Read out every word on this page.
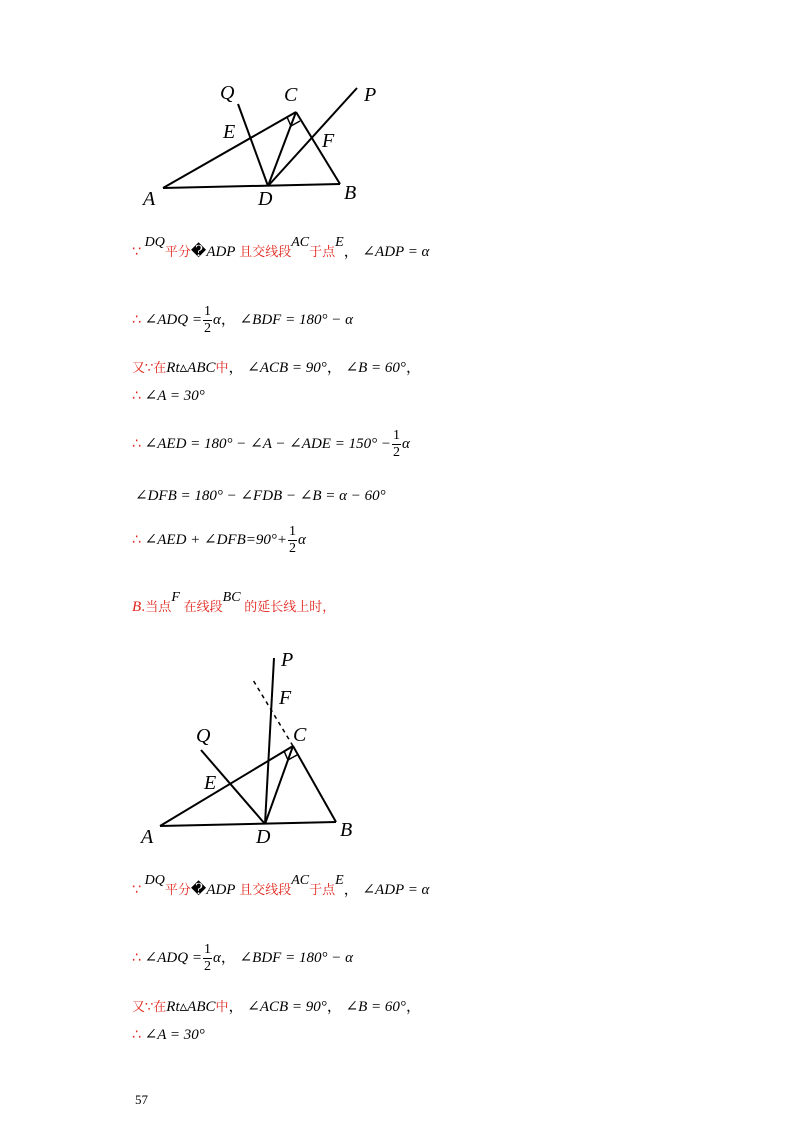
Q C	P
E	F
A	D	B
P
F
Q	C
E
A	D	B
∵ DQ平分�ADP 且交线段AC于点E， ∠ADP = α
∴ ∠ADQ = $\frac{1}{2}$ α， ∠BDF = 180° − α
又∵在Rt▵ABC中， ∠ACB = 90°， ∠B = 60°，
∴ ∠A = 30°
∴ ∠AED = 180° − ∠A − ∠ADE = $150^\circ - \frac{1}{2}$ α
∠DFB = 180° − ∠FDB − ∠B = α − 60°
∴ ∠AED + ∠DFB=90°+ $\frac{1}{2}$ α
B.当点F 在线段BC 的延长线上时，
∵ DQ平分�ADP 且交线段AC于点E， ∠ADP = α
∴ ∠ADQ = $\frac{1}{2}$ α， ∠BDF = 180° − α
又∵在Rt▵ABC中， ∠ACB = 90°， ∠B = 60°，
∴ ∠A = 30°
57
